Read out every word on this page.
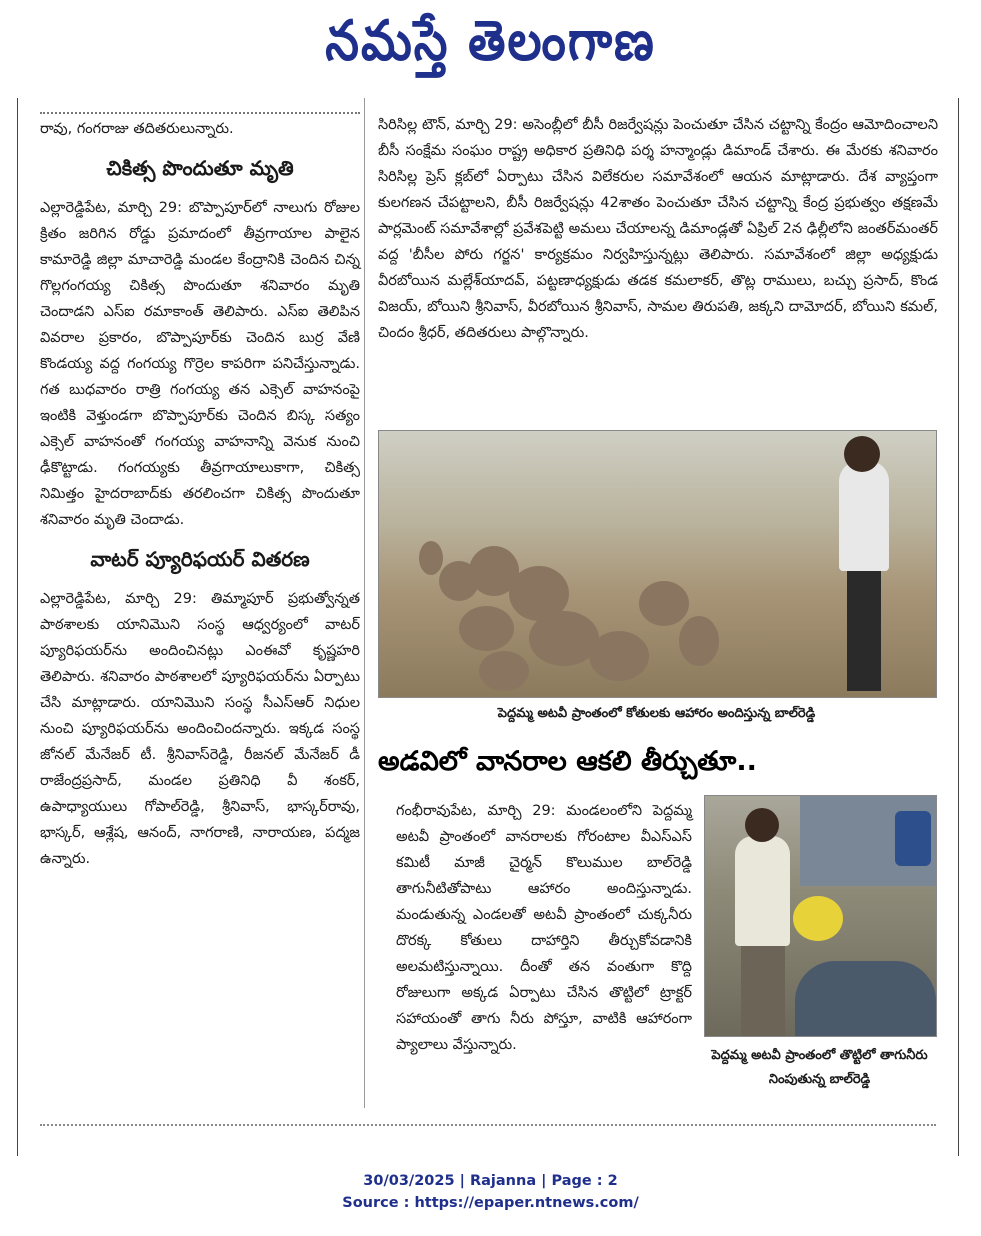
నమస్తే తెలంగాణ

రావు, గంగరాజు తదితరులున్నారు.

చికిత్స పొందుతూ మృతి

ఎల్లారెడ్డిపేట, మార్చి 29: బొప్పాపూర్‌లో నాలుగు రోజుల క్రితం జరిగిన రోడ్డు ప్రమాదంలో తీవ్రగాయాల పాలైన కామారెడ్డి జిల్లా మాచారెడ్డి మండల కేంద్రానికి చెందిన చిన్న గొల్లగంగయ్య చికిత్స పొందుతూ శనివారం మృతి చెందాడని ఎస్‌ఐ రమాకాంత్ తెలిపారు. ఎస్‌ఐ తెలిపిన వివరాల ప్రకారం, బొప్పాపూర్‌కు చెందిన బుర్ర వేణి కొండయ్య వద్ద గంగయ్య గొర్రెల కాపరిగా పనిచేస్తున్నాడు. గత బుధవారం రాత్రి గంగయ్య తన ఎక్సెల్ వాహనంపై ఇంటికి వెళ్తుండగా బొప్పాపూర్‌కు చెందిన బిస్క సత్యం ఎక్సెల్ వాహనంతో గంగయ్య వాహనాన్ని వెనుక నుంచి ఢీకొట్టాడు. గంగయ్యకు తీవ్రగాయాలుకాగా, చికిత్స నిమిత్తం హైదరాబాద్‌కు తరలించగా చికిత్స పొందుతూ శనివారం మృతి చెందాడు.

వాటర్ ప్యూరిఫయర్ వితరణ

ఎల్లారెడ్డిపేట, మార్చి 29: తిమ్మాపూర్ ప్రభుత్వోన్నత పాఠశాలకు యానిమొని సంస్థ ఆధ్వర్యంలో వాటర్ ప్యూరిఫయర్‌ను అందించినట్లు ఎంఈవో కృష్ణహరి తెలిపారు. శనివారం పాఠశాలలో ప్యూరిఫయర్‌ను ఏర్పాటు చేసి మాట్లాడారు. యానిమొని సంస్థ సీఎస్ఆర్ నిధుల నుంచి ప్యూరిఫయర్‌ను అందించిందన్నారు. ఇక్కడ సంస్థ జోనల్ మేనేజర్ టీ. శ్రీనివాస్‌రెడ్డి, రీజనల్ మేనేజర్ డీ రాజేంద్రప్రసాద్, మండల ప్రతినిధి వీ శంకర్, ఉపాధ్యాయులు గోపాల్‌రెడ్డి, శ్రీనివాస్, భాస్కర్‌రావు, భాస్కర్, ఆశ్లేష, ఆనంద్, నాగరాణి, నారాయణ, పద్మజ ఉన్నారు.

సిరిసిల్ల టౌన్, మార్చి 29: అసెంబ్లీలో బీసీ రిజర్వేషన్లు పెంచుతూ చేసిన చట్టాన్ని కేంద్రం ఆమోదించాలని బీసీ సంక్షేమ సంఘం రాష్ట్ర అధికార ప్రతినిధి పర్శ హన్మాండ్లు డిమాండ్ చేశారు. ఈ మేరకు శనివారం సిరిసిల్ల ప్రెస్ క్లబ్‌లో ఏర్పాటు చేసిన విలేకరుల సమావేశంలో ఆయన మాట్లాడారు. దేశ వ్యాప్తంగా కులగణన చేపట్టాలని, బీసీ రిజర్వేషన్లు 42శాతం పెంచుతూ చేసిన చట్టాన్ని కేంద్ర ప్రభుత్వం తక్షణమే పార్లమెంట్ సమావేశాల్లో ప్రవేశపెట్టి అమలు చేయాలన్న డిమాండ్లతో ఏప్రిల్ 2న ఢిల్లీలోని జంతర్‌మంతర్ వద్ద 'బీసీల పోరు గర్జన' కార్యక్రమం నిర్వహిస్తున్నట్లు తెలిపారు. సమావేశంలో జిల్లా అధ్యక్షుడు వీరబోయిన మల్లేశ్‌యాదవ్, పట్టణాధ్యక్షుడు తడక కమలాకర్, తొట్ల రాములు, బచ్చు ప్రసాద్, కొండ విజయ్, బోయిని శ్రీనివాస్, వీరబోయిన శ్రీనివాస్, సామల తిరుపతి, జక్కని దామోదర్, బోయిని కమల్, చిందం శ్రీధర్, తదితరులు పాల్గొన్నారు.

పెద్దమ్మ అటవీ ప్రాంతంలో కోతులకు ఆహారం అందిస్తున్న బాల్‌రెడ్డి
అడవిలో వానరాల ఆకలి తీర్చుతూ..

గంభీరావుపేట, మార్చి 29: మండలంలోని పెద్దమ్మ అటవీ ప్రాంతంలో వానరాలకు గోరంటాల వీఎస్ఎస్ కమిటీ మాజీ చైర్మన్ కొలుముల బాల్‌రెడ్డి తాగునీటితోపాటు ఆహారం అందిస్తున్నాడు. మండుతున్న ఎండలతో అటవీ ప్రాంతంలో చుక్కనీరు దొరక్క కోతులు దాహార్తిని తీర్చుకోవడానికి అలమటిస్తున్నాయి. దీంతో తన వంతుగా కొద్ది రోజులుగా అక్కడ ఏర్పాటు చేసిన తొట్టిలో ట్రాక్టర్ సహాయంతో తాగు నీరు పోస్తూ, వాటికి ఆహారంగా ప్యాలాలు వేస్తున్నారు.

పెద్దమ్మ అటవీ ప్రాంతంలో తొట్టిలో తాగునీరు నింపుతున్న బాల్‌రెడ్డి
30/03/2025 | Rajanna | Page : 2
Source : https://epaper.ntnews.com/
